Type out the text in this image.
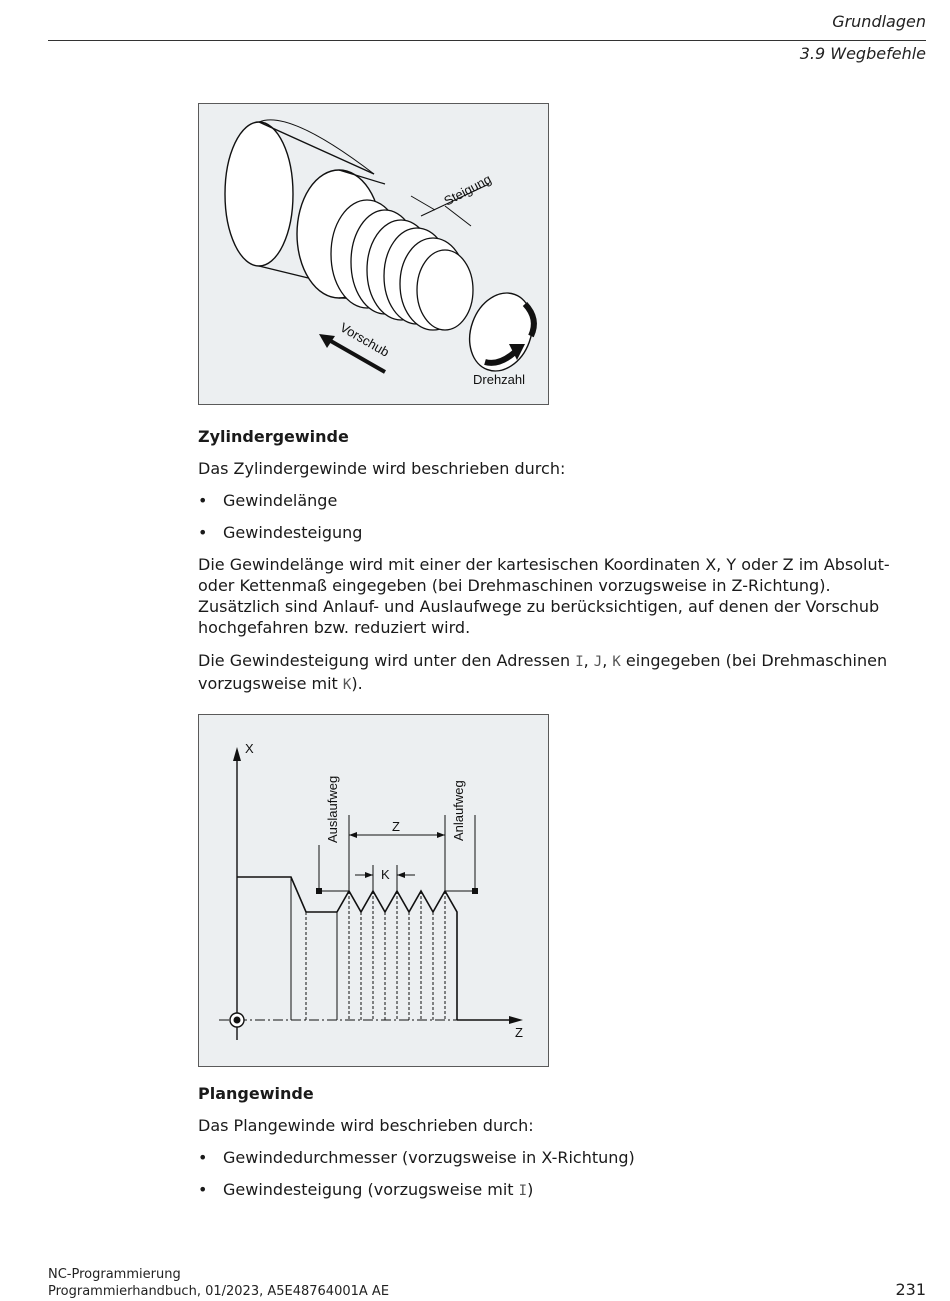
Grundlagen
3.9 Wegbefehle
Steigung
Drehzahl
Vorschub
Zylindergewinde
Das Zylindergewinde wird beschrieben durch:
• Gewindelänge
• Gewindesteigung
Die Gewindelänge wird mit einer der kartesischen Koordinaten X, Y oder Z im Absolut- oder Kettenmaß eingegeben (bei Drehmaschinen vorzugsweise in Z-Richtung). Zusätzlich sind Anlauf- und Auslaufwege zu berücksichtigen, auf denen der Vorschub hochgefahren bzw. reduziert wird.
Die Gewindesteigung wird unter den Adressen I, J, K eingegeben (bei Drehmaschinen vorzugsweise mit K).
X
Z
Auslaufweg	Anlaufweg
Z
K
Plangewinde
Das Plangewinde wird beschrieben durch:
• Gewindedurchmesser (vorzugsweise in X-Richtung)
• Gewindesteigung (vorzugsweise mit I)
NC-Programmierung
Programmierhandbuch, 01/2023, A5E48764001A AE	231
